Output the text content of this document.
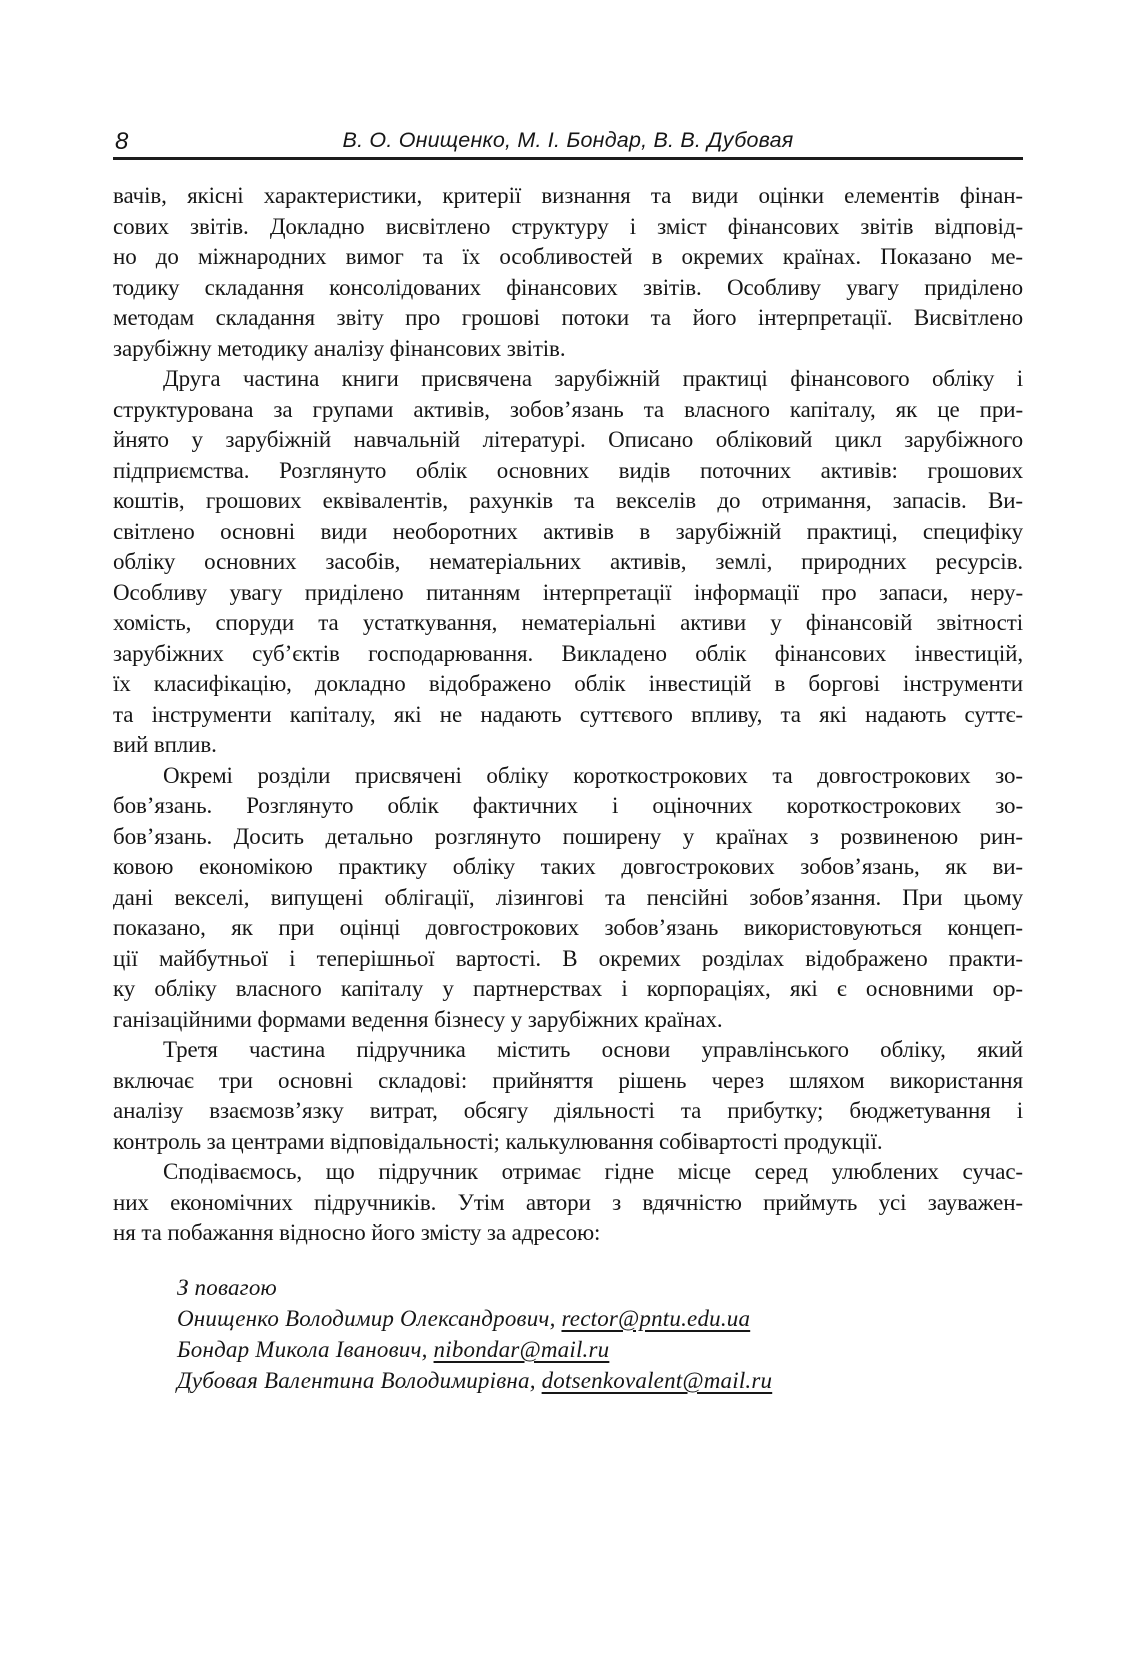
8	В. О. Онищенко, М. І. Бондар, В. В. Дубовая
вачів, якісні характеристики, критерії визнання та види оцінки елементів фінан-
сових звітів. Докладно висвітлено структуру і зміст фінансових звітів відповід-
но до міжнародних вимог та їх особливостей в окремих країнах. Показано ме-
тодику складання консолідованих фінансових звітів. Особливу увагу приділено
методам складання звіту про грошові потоки та його інтерпретації. Висвітлено
зарубіжну методику аналізу фінансових звітів.
Друга частина книги присвячена зарубіжній практиці фінансового обліку і
структурована за групами активів, зобов’язань та власного капіталу, як це при-
йнято у зарубіжній навчальній літературі. Описано обліковий цикл зарубіжного
підприємства. Розглянуто облік основних видів поточних активів: грошових
коштів, грошових еквівалентів, рахунків та векселів до отримання, запасів. Ви-
світлено основні види необоротних активів в зарубіжній практиці, специфіку
обліку основних засобів, нематеріальних активів, землі, природних ресурсів.
Особливу увагу приділено питанням інтерпретації інформації про запаси, неру-
хомість, споруди та устаткування, нематеріальні активи у фінансовій звітності
зарубіжних суб’єктів господарювання. Викладено облік фінансових інвестицій,
їх класифікацію, докладно відображено облік інвестицій в боргові інструменти
та інструменти капіталу, які не надають суттєвого впливу, та які надають суттє-
вий вплив.
Окремі розділи присвячені обліку короткострокових та довгострокових зо-
бов’язань. Розглянуто облік фактичних і оціночних короткострокових зо-
бов’язань. Досить детально розглянуто поширену у країнах з розвиненою рин-
ковою економікою практику обліку таких довгострокових зобов’язань, як ви-
дані векселі, випущені облігації, лізингові та пенсійні зобов’язання. При цьому
показано, як при оцінці довгострокових зобов’язань використовуються концеп-
ції майбутньої і теперішньої вартості. В окремих розділах відображено практи-
ку обліку власного капіталу у партнерствах і корпораціях, які є основними ор-
ганізаційними формами ведення бізнесу у зарубіжних країнах.
Третя частина підручника містить основи управлінського обліку, який
включає три основні складові: прийняття рішень через шляхом використання
аналізу взаємозв’язку витрат, обсягу діяльності та прибутку; бюджетування і
контроль за центрами відповідальності; калькулювання собівартості продукції.
Сподіваємось, що підручник отримає гідне місце серед улюблених сучас-
них економічних підручників. Утім автори з вдячністю приймуть усі зауважен-
ня та побажання відносно його змісту за адресою:
З повагою
Онищенко Володимир Олександрович, rector@pntu.edu.ua
Бондар Микола Іванович, nibondar@mail.ru
Дубовая Валентина Володимирівна, dotsenkovalent@mail.ru
